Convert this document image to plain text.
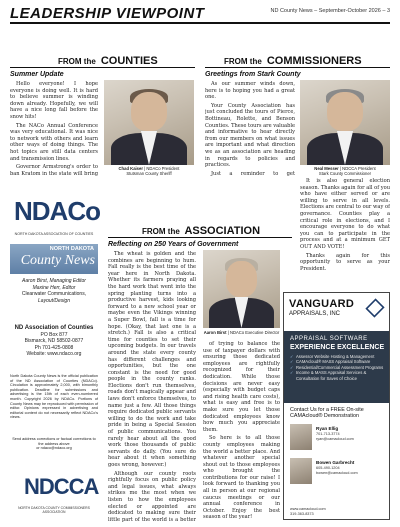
LEADERSHIP VIEWPOINT	ND County News – September-October 2026 – 3
FROM the COUNTIES
Summer Update

Hello everyone! I hope everyone is doing well. It is hard to believe summer is winding down already. Hopefully, we will have a nice long fall before the snow hits!

The NACo Annual Conference was very educational. It was nice to network with others and learn other ways of doing things. The hot topics are still data centers and transmission lines.

Governor Armstrong's order to ban Kratom in the state will bring

Chad Kaiser | NDACo President
Stutsman County Sheriff
FROM the COMMISSIONERS
Greetings from Stark County

As our summer winds down, here is to hoping you had a great one.

Your County Association has just concluded the tours of Pierce, Bottineau, Rolette, and Benson Counties. These tours are valuable and informative to hear directly from our members on what issues are important and what direction we as an association are heading in regards to policies and practices.

Just a reminder to get

Neal Messer | NDCCA President
Stark County Commissioner

It is also general election season. Thanks again for all of you who have either served or are willing to serve in all levels. Elections are central to our way of governance. Counties play a critical role in elections, and I encourage everyone to do what you can to participate in the process and at a minimum GET OUT AND VOTE!

Thanks again for this opportunity to serve as your President.

FROM the ASSOCIATION
Reflecting on 250 Years of Government

The wheat is golden and the combines are beginning to hum. Fall really is the best time of the year here in North Dakota. Whether its farmers praying all the hard work that went into the spring planting turns into a productive harvest, kids looking forward to a new school year or maybe even the Vikings winning a Super Bowl, fall is a time for hope. (Okay, that last one is a stretch.) Fall is also a critical time for counties to set their upcoming budgets. In our travels around the state every county has different challenges and opportunities, but the one constant is the need for good people in the county ranks. Elections don't run themselves, roads don't magically appear and laws don't enforce themselves, to name just a few. All those things require dedicated public servants willing to do the work and take pride in being a Special Session of public communications. You rarely hear about all the good work those thousands of public servants do daily. (You sure do hear about it when something goes wrong, however.)

Although our county roots rightfully focus on public policy and legal issues, what always strikes me the most when we listen to how the employees elected or appointed are dedicated to making sure their little part of the world is a better

Aaron Birst | NDACo Executive Director

of trying to balance the use of taxpayer dollars with ensuring those dedicated employees are rightfully recognized for their dedication. While those decisions are never easy (especially with budget caps and rising health care costs), what is easy and free is to make sure you let those dedicated employees know how much you appreciate them.

So here is to all those county employees making the world a better place. And whatever another special shout out to those employees who brought the contributions for our raise! I look forward to thanking you all in person at our regional caucus meetings or our annual conference in October. Enjoy the best season of the year!

NDACo
NORTH DAKOTA ASSOCIATION OF COUNTIES
NORTH DAKOTA
County News
Aaron Birst, Managing Editor
Maxine Herr, Editor
Clearwater Communications,
Layout/Design
ND Association of Counties
PO Box 877
Bismarck, ND 58502-0877
Ph 701-425-0808
Website: www.ndaco.org
North Dakota County News is the official publication of the ND Association of Counties (NDACo). Circulation is approximately 2,000, with bimonthly publication. Deadline for submissions and advertising is the 15th of each even-numbered month. Copyright 2026 by NDACo. Portions of County News may be reproduced with permission of editor. Opinions expressed in advertising and editorial content do not necessarily reflect NDACo's views.
Send address corrections or factual corrections to the address above
or ndaco@ndaco.org
NDCCA
NORTH DAKOTA COUNTY COMMISSIONERS ASSOCIATION
VANGUARD
APPRAISALS, INC
APPRAISAL SOFTWARE
EXPERIENCE EXCELLENCE
✓ Assessor Website Hosting & Management
✓ CAMAcloud® MASS Appraisal Software
✓ Residential/Commercial Assessment Programs
✓ Income & MASS Appraisal Services & Consultation for Saves of Choice
Contact Us for a FREE On-site
CAMAcloud® Demonstration
Ryan Ellig
701-713-3774
ryan@camacloud.com
Bowen Garbrecht
605-490-1204
bowen@camacloud.com
www.camacloud.com
319-363-8373
